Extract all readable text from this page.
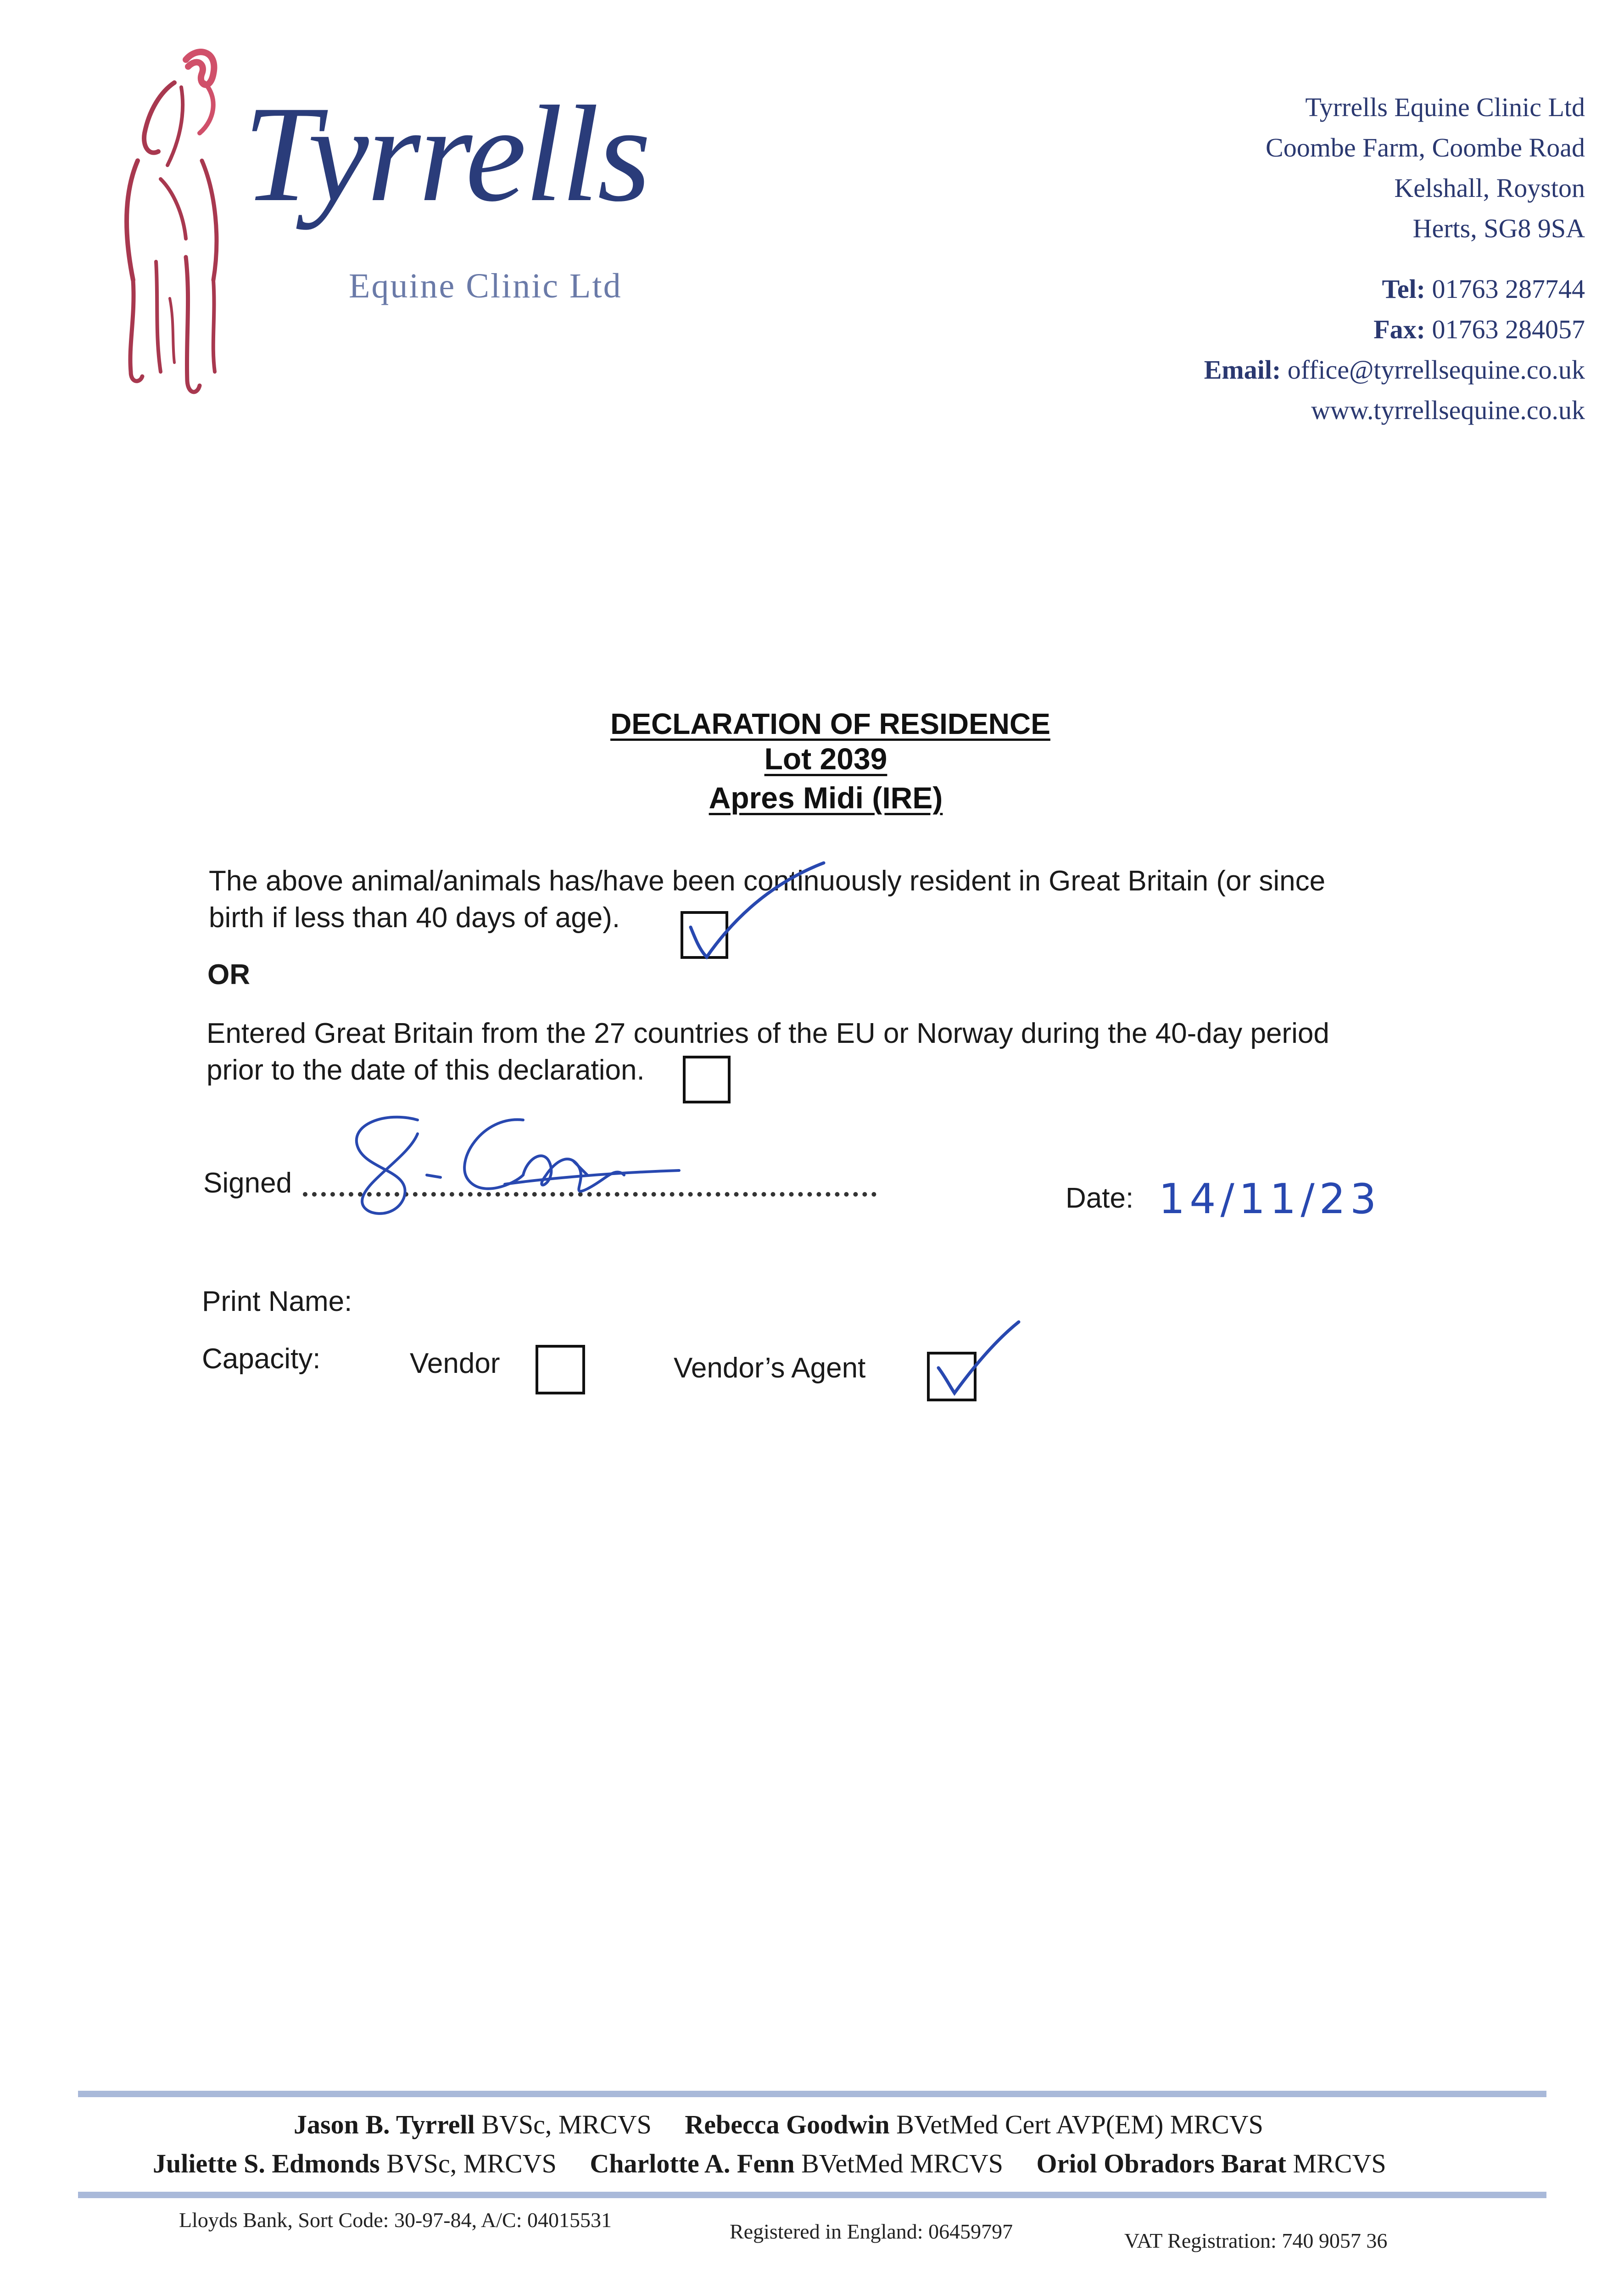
Tyrrells
Equine Clinic Ltd
Tyrrells Equine Clinic Ltd
Coombe Farm, Coombe Road
Kelshall, Royston
Herts, SG8 9SA
Tel: 01763 287744
Fax: 01763 284057
Email: office@tyrrellsequine.co.uk
www.tyrrellsequine.co.uk
DECLARATION OF RESIDENCE
Lot 2039
Apres Midi (IRE)
The above animal/animals has/have been continuously resident in Great Britain (or since
birth if less than 40 days of age).
OR
Entered Great Britain from the 27 countries of the EU or Norway during the 40-day period
prior to the date of this declaration.
Signed	Date: 14/11/23
Print Name:
Capacity:	Vendor	Vendor’s Agent
Jason B. Tyrrell BVSc, MRCVS Rebecca Goodwin BVetMed Cert AVP(EM) MRCVS
Juliette S. Edmonds BVSc, MRCVS Charlotte A. Fenn BVetMed MRCVS Oriol Obradors Barat MRCVS
Lloyds Bank, Sort Code: 30-97-84, A/C: 04015531	Registered in England: 06459797	VAT Registration: 740 9057 36
